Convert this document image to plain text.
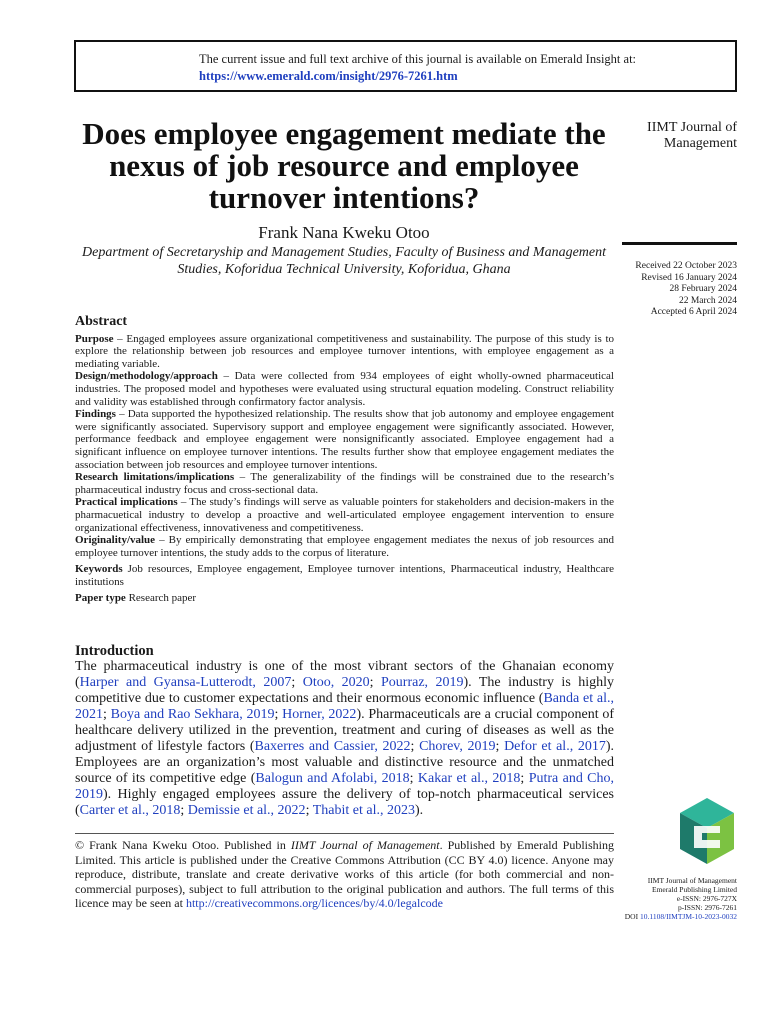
The current issue and full text archive of this journal is available on Emerald Insight at:
https://www.emerald.com/insight/2976-7261.htm
Does employee engagement mediate the nexus of job resource and employee turnover intentions?
IIMT Journal of
Management
Received 22 October 2023
Revised 16 January 2024
28 February 2024
22 March 2024
Accepted 6 April 2024
Frank Nana Kweku Otoo
Department of Secretaryship and Management Studies, Faculty of Business and Management Studies, Koforidua Technical University, Koforidua, Ghana
Abstract

Purpose – Engaged employees assure organizational competitiveness and sustainability. The purpose of this study is to explore the relationship between job resources and employee turnover intentions, with employee engagement as a mediating variable.

Design/methodology/approach – Data were collected from 934 employees of eight wholly-owned pharmaceutical industries. The proposed model and hypotheses were evaluated using structural equation modeling. Construct reliability and validity was established through confirmatory factor analysis.

Findings – Data supported the hypothesized relationship. The results show that job autonomy and employee engagement were significantly associated. Supervisory support and employee engagement were significantly associated. However, performance feedback and employee engagement were nonsignificantly associated. Employee engagement had a significant influence on employee turnover intentions. The results further show that employee engagement mediates the association between job resources and employee turnover intentions.

Research limitations/implications – The generalizability of the findings will be constrained due to the research’s pharmaceutical industry focus and cross-sectional data.

Practical implications – The study’s findings will serve as valuable pointers for stakeholders and decision-makers in the pharmacuetical industry to develop a proactive and well-articulated employee engagement intervention to ensure organizational effectiveness, innovativeness and competitiveness.

Originality/value – By empirically demonstrating that employee engagement mediates the nexus of job resources and employee turnover intentions, the study adds to the corpus of literature.

Keywords Job resources, Employee engagement, Employee turnover intentions, Pharmaceutical industry, Healthcare institutions

Paper type Research paper

Introduction

The pharmaceutical industry is one of the most vibrant sectors of the Ghanaian economy (Harper and Gyansa-Lutterodt, 2007; Otoo, 2020; Pourraz, 2019). The industry is highly competitive due to customer expectations and their enormous economic influence (Banda et al., 2021; Boya and Rao Sekhara, 2019; Horner, 2022). Pharmaceuticals are a crucial component of healthcare delivery utilized in the prevention, treatment and curing of diseases as well as the adjustment of lifestyle factors (Baxerres and Cassier, 2022; Chorev, 2019; Defor et al., 2017). Employees are an organization’s most valuable and distinctive resource and the unmatched source of its competitive edge (Balogun and Afolabi, 2018; Kakar et al., 2018; Putra and Cho, 2019). Highly engaged employees assure the delivery of top-notch pharmaceutical services (Carter et al., 2018; Demissie et al., 2022; Thabit et al., 2023).

© Frank Nana Kweku Otoo. Published in IIMT Journal of Management. Published by Emerald Publishing Limited. This article is published under the Creative Commons Attribution (CC BY 4.0) licence. Anyone may reproduce, distribute, translate and create derivative works of this article (for both commercial and non-commercial purposes), subject to full attribution to the original publication and authors. The full terms of this licence may be seen at http://creativecommons.org/licences/by/4.0/legalcode

IIMT Journal of Management
Emerald Publishing Limited
e-ISSN: 2976-727X
p-ISSN: 2976-7261
DOI 10.1108/IIMTJM-10-2023-0032
